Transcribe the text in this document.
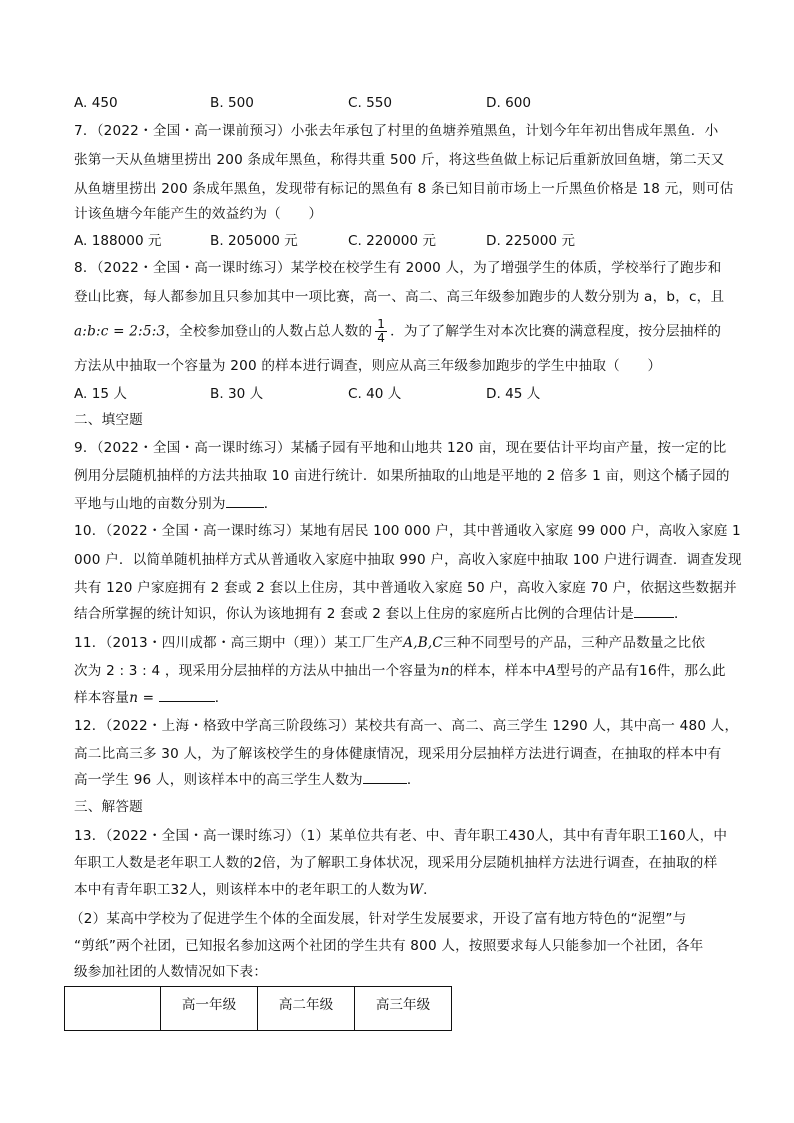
A. 450	B. 500	C. 550	D. 600
7．（2022・全国・高一课前预习）小张去年承包了村里的鱼塘养殖黑鱼，计划今年年初出售成年黑鱼．小
张第一天从鱼塘里捞出 200 条成年黑鱼，称得共重 500 斤，将这些鱼做上标记后重新放回鱼塘，第二天又
从鱼塘里捞出 200 条成年黑鱼，发现带有标记的黑鱼有 8 条已知目前市场上一斤黑鱼价格是 18 元，则可估
计该鱼塘今年能产生的效益约为（　　）
A. 188000 元	B. 205000 元	C. 220000 元	D. 225000 元
8．（2022・全国・高一课时练习）某学校在校学生有 2000 人，为了增强学生的体质，学校举行了跑步和
登山比赛，每人都参加且只参加其中一项比赛，高一、高二、高三年级参加跑步的人数分别为 a，b，c，且
a:b:c = 2:5:3，全校参加登山的人数占总人数的 $\frac{1}{4}$ ．为了了解学生对本次比赛的满意程度，按分层抽样的
方法从中抽取一个容量为 200 的样本进行调查，则应从高三年级参加跑步的学生中抽取（　　）
A. 15 人	B. 30 人	C. 40 人	D. 45 人
二、填空题
9．（2022・全国・高一课时练习）某橘子园有平地和山地共 120 亩，现在要估计平均亩产量，按一定的比
例用分层随机抽样的方法共抽取 10 亩进行统计．如果所抽取的山地是平地的 2 倍多 1 亩，则这个橘子园的
平地与山地的亩数分别为	．
10．（2022・全国・高一课时练习）某地有居民 100 000 户，其中普通收入家庭 99 000 户，高收入家庭 1
000 户．以简单随机抽样方式从普通收入家庭中抽取 990 户，高收入家庭中抽取 100 户进行调查．调查发现
共有 120 户家庭拥有 2 套或 2 套以上住房，其中普通收入家庭 50 户，高收入家庭 70 户，依据这些数据并
结合所掌握的统计知识，你认为该地拥有 2 套或 2 套以上住房的家庭所占比例的合理估计是	．
11．（2013・四川成都・高三期中（理））某工厂生产A,B,C三种不同型号的产品，三种产品数量之比依
次为 2 : 3 : 4 ，现采用分层抽样的方法从中抽出一个容量为n的样本，样本中A型号的产品有16件，那么此
样本容量n =	．
12．（2022・上海・格致中学高三阶段练习）某校共有高一、高二、高三学生 1290 人，其中高一 480 人，
高二比高三多 30 人，为了解该校学生的身体健康情况，现采用分层抽样方法进行调查，在抽取的样本中有
高一学生 96 人，则该样本中的高三学生人数为	．
三、解答题
13．（2022・全国・高一课时练习）（1）某单位共有老、中、青年职工430人，其中有青年职工160人，中
年职工人数是老年职工人数的2倍，为了解职工身体状况，现采用分层随机抽样方法进行调查，在抽取的样
本中有青年职工32人，则该样本中的老年职工的人数为W．
（2）某高中学校为了促进学生个体的全面发展，针对学生发展要求，开设了富有地方特色的“泥塑”与
“剪纸”两个社团，已知报名参加这两个社团的学生共有 800 人，按照要求每人只能参加一个社团，各年
级参加社团的人数情况如下表：
	高一年级	高二年级	高三年级
